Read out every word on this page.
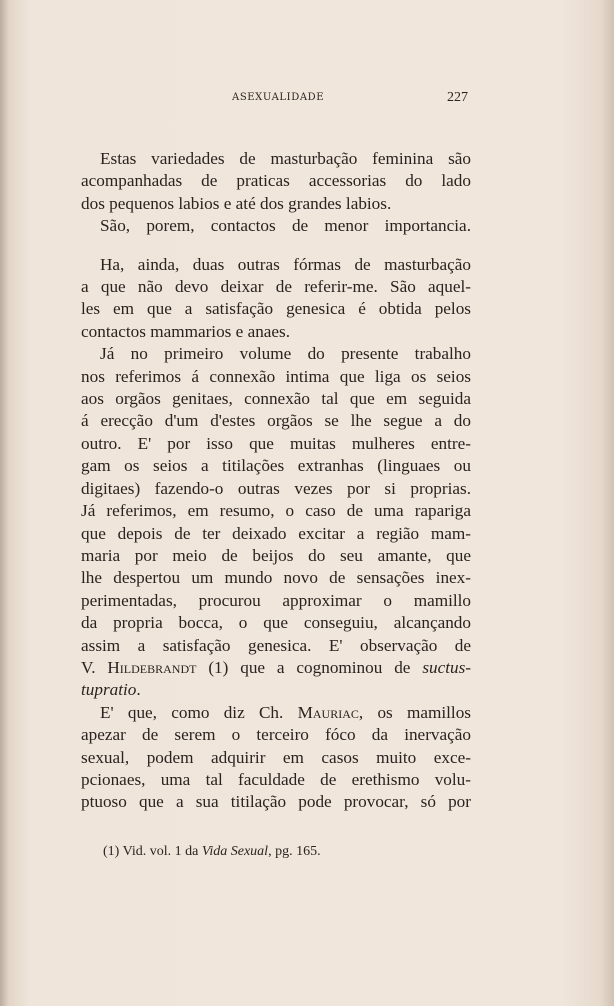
ASEXUALIDADE	227
Estas variedades de masturbação feminina são
acompanhadas de praticas accessorias do lado
dos pequenos labios e até dos grandes labios.
São, porem, contactos de menor importancia.
Ha, ainda, duas outras fórmas de masturbação
a que não devo deixar de referir-me. São aquel-
les em que a satisfação genesica é obtida pelos
contactos mammarios e anaes.
Já no primeiro volume do presente trabalho
nos referimos á connexão intima que liga os seios
aos orgãos genitaes, connexão tal que em seguida
á erecção d'um d'estes orgãos se lhe segue a do
outro. E' por isso que muitas mulheres entre-
gam os seios a titilações extranhas (linguaes ou
digitaes) fazendo-o outras vezes por si proprias.
Já referimos, em resumo, o caso de uma rapariga
que depois de ter deixado excitar a região mam-
maria por meio de beijos do seu amante, que
lhe despertou um mundo novo de sensações inex-
perimentadas, procurou approximar o mamillo
da propria bocca, o que conseguiu, alcançando
assim a satisfação genesica. E' observação de
V. Hildebrandt (1) que a cognominou de suctus-
tupratio.
E' que, como diz Ch. Mauriac, os mamillos
apezar de serem o terceiro fóco da inervação
sexual, podem adquirir em casos muito exce-
pcionaes, uma tal faculdade de erethismo volu-
ptuoso que a sua titilação pode provocar, só por
(1) Vid. vol. 1 da Vida Sexual, pg. 165.
